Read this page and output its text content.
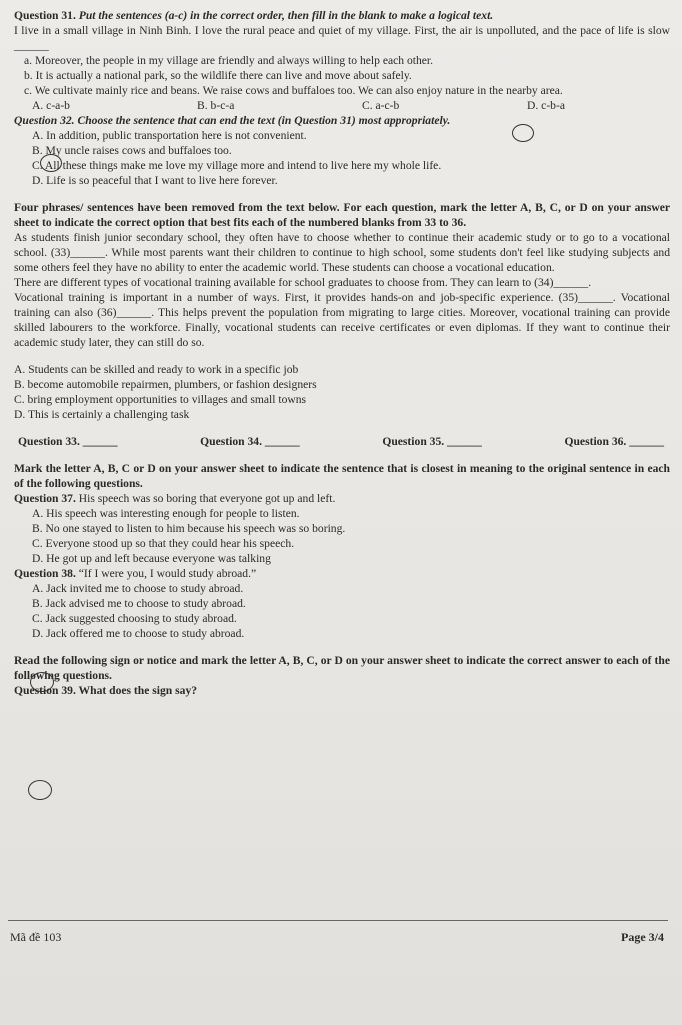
Question 31. Put the sentences (a-c) in the correct order, then fill in the blank to make a logical text.

I live in a small village in Ninh Binh. I love the rural peace and quiet of my village. First, the air is unpolluted, and the pace of life is slow ______

a. Moreover, the people in my village are friendly and always willing to help each other.

b. It is actually a national park, so the wildlife there can live and move about safely.

c. We cultivate mainly rice and beans. We raise cows and buffaloes too. We can also enjoy nature in the nearby area.

A. c-a-b	B. b-c-a	C. a-c-b	D. c-b-a

Question 32. Choose the sentence that can end the text (in Question 31) most appropriately.

A. In addition, public transportation here is not convenient.

B. My uncle raises cows and buffaloes too.

C. All these things make me love my village more and intend to live here my whole life.

D. Life is so peaceful that I want to live here forever.

Four phrases/ sentences have been removed from the text below. For each question, mark the letter A, B, C, or D on your answer sheet to indicate the correct option that best fits each of the numbered blanks from 33 to 36.

As students finish junior secondary school, they often have to choose whether to continue their academic study or to go to a vocational school. (33)______. While most parents want their children to continue to high school, some students don't feel like studying subjects and some others feel they have no ability to enter the academic world. These students can choose a vocational education.

There are different types of vocational training available for school graduates to choose from. They can learn to (34)______.

Vocational training is important in a number of ways. First, it provides hands-on and job-specific experience. (35)______. Vocational training can also (36)______. This helps prevent the population from migrating to large cities. Moreover, vocational training can provide skilled labourers to the workforce. Finally, vocational students can receive certificates or even diplomas. If they want to continue their academic study later, they can still do so.

A. Students can be skilled and ready to work in a specific job

B. become automobile repairmen, plumbers, or fashion designers

C. bring employment opportunities to villages and small towns

D. This is certainly a challenging task

Question 33. ______	Question 34. ______	Question 35. ______	Question 36. ______

Mark the letter A, B, C or D on your answer sheet to indicate the sentence that is closest in meaning to the original sentence in each of the following questions.

Question 37. His speech was so boring that everyone got up and left.

A. His speech was interesting enough for people to listen.

B. No one stayed to listen to him because his speech was so boring.

C. Everyone stood up so that they could hear his speech.

D. He got up and left because everyone was talking

Question 38. “If I were you, I would study abroad.”

A. Jack invited me to choose to study abroad.

B. Jack advised me to choose to study abroad.

C. Jack suggested choosing to study abroad.

D. Jack offered me to choose to study abroad.

Read the following sign or notice and mark the letter A, B, C, or D on your answer sheet to indicate the correct answer to each of the following questions.

Question 39. What does the sign say?

Mã đề 103	Page 3/4
